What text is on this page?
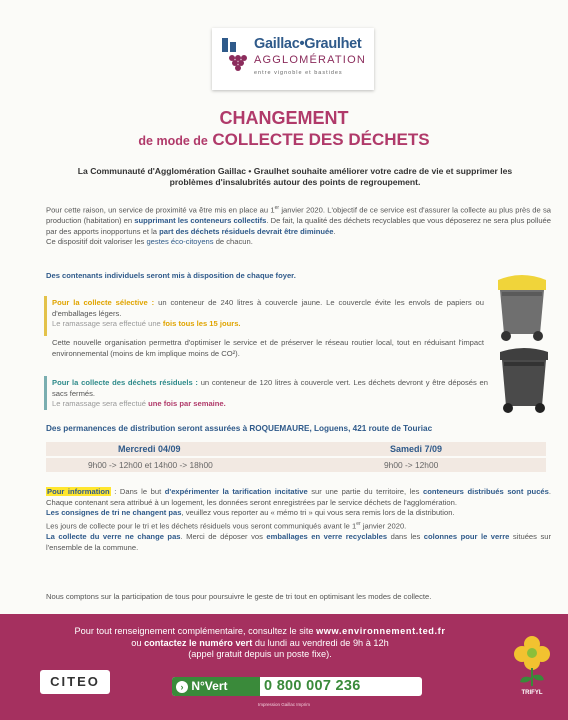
Gaillac•Graulhet
AGGLOMÉRATION
entre vignoble et bastides
CHANGEMENT
de mode de COLLECTE DES DÉCHETS
La Communauté d'Agglomération Gaillac • Graulhet souhaite améliorer votre cadre de vie et supprimer les problèmes d'insalubrités autour des points de regroupement.
Pour cette raison, un service de proximité va être mis en place au 1er janvier 2020. L'objectif de ce service est d'assurer la collecte au plus près de sa production (habitation) en supprimant les conteneurs collectifs. De fait, la qualité des déchets recyclables que vous déposerez ne sera plus polluée par des apports inopportuns et la part des déchets résiduels devrait être diminuée.
Ce dispositif doit valoriser les gestes éco-citoyens de chacun.
Des contenants individuels seront mis à disposition de chaque foyer.
Pour la collecte sélective : un conteneur de 240 litres à couvercle jaune. Le couvercle évite les envols de papiers ou d'emballages légers.
Le ramassage sera effectué une fois tous les 15 jours.
Cette nouvelle organisation permettra d'optimiser le service et de préserver le réseau routier local, tout en réduisant l'impact environnemental (moins de km implique moins de CO²).
Pour la collecte des déchets résiduels : un conteneur de 120 litres à couvercle vert. Les déchets devront y être déposés en sacs fermés.
Le ramassage sera effectué une fois par semaine.
Des permanences de distribution seront assurées à ROQUEMAURE, Loguens, 421 route de Touriac
Mercredi 04/09	Samedi 7/09
9h00 -> 12h00 et 14h00 -> 18h00	9h00 -> 12h00
Pour information : Dans le but d'expérimenter la tarification incitative sur une partie du territoire, les conteneurs distribués sont pucés. Chaque contenant sera attribué à un logement, les données seront enregistrées par le service déchets de l'agglomération.
Les consignes de tri ne changent pas, veuillez vous reporter au « mémo tri » qui vous sera remis lors de la distribution.
Les jours de collecte pour le tri et les déchets résiduels vous seront communiqués avant le 1er janvier 2020.
La collecte du verre ne change pas. Merci de déposer vos emballages en verre recyclables dans les colonnes pour le verre situées sur l'ensemble de la commune.
Nous comptons sur la participation de tous pour poursuivre le geste de tri tout en optimisant les modes de collecte.
Pour tout renseignement complémentaire, consultez le site www.environnement.ted.fr
ou contactez le numéro vert du lundi au vendredi de 9h à 12h
(appel gratuit depuis un poste fixe).
CITEO	› N°Vert	0 800 007 236
Impression Gaillac Imprim
TRIFYL
